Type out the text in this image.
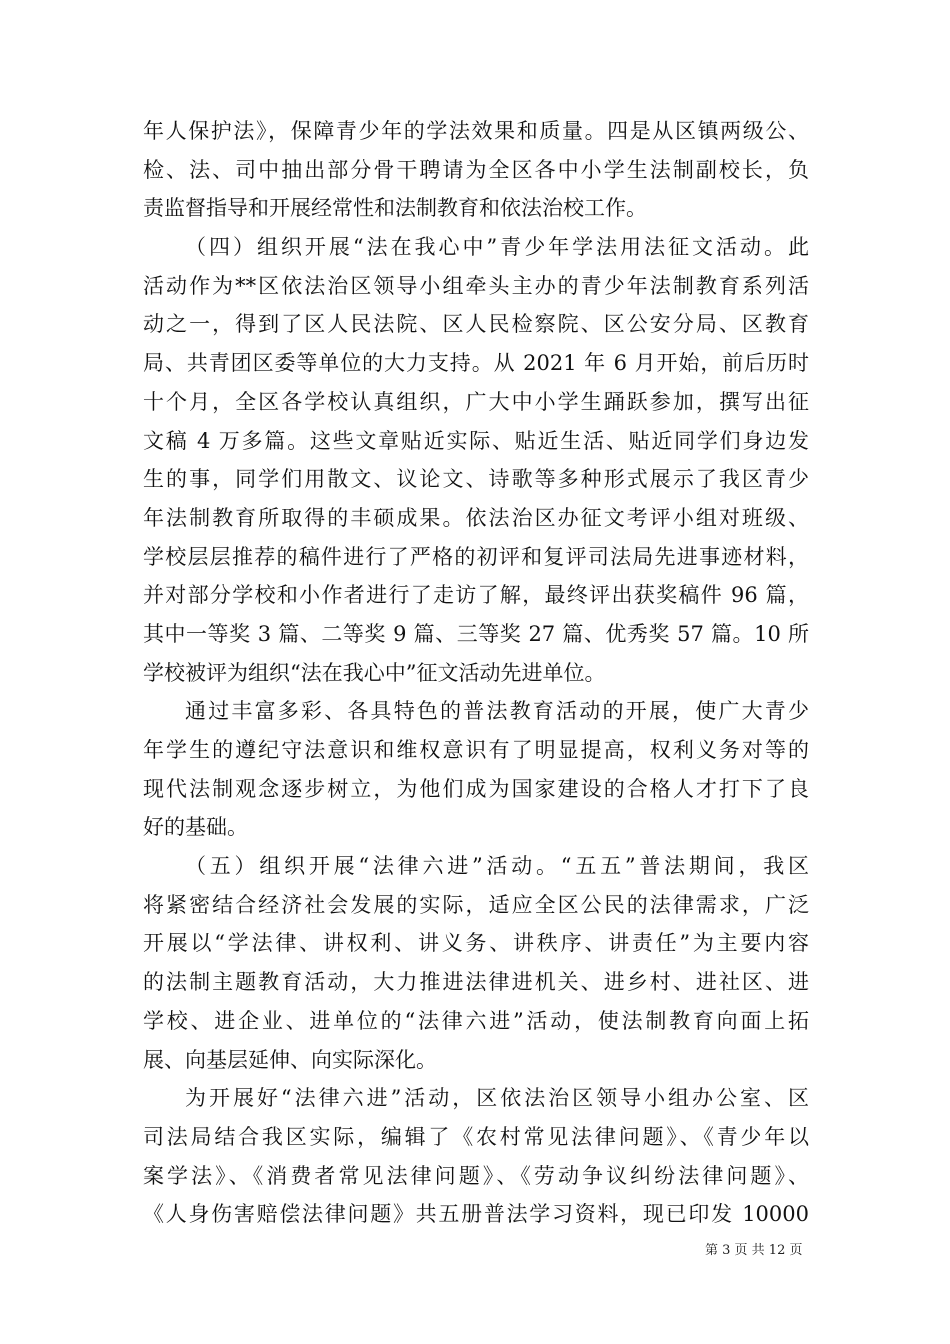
年人保护法》，保障青少年的学法效果和质量。四是从区镇两级公、
检、法、司中抽出部分骨干聘请为全区各中小学生法制副校长，负
责监督指导和开展经常性和法制教育和依法治校工作。
（四）组织开展“法在我心中”青少年学法用法征文活动。此
活动作为**区依法治区领导小组牵头主办的青少年法制教育系列活
动之一，得到了区人民法院、区人民检察院、区公安分局、区教育
局、共青团区委等单位的大力支持。从 2021 年 6 月开始，前后历时
十个月，全区各学校认真组织，广大中小学生踊跃参加，撰写出征
文稿 4 万多篇。这些文章贴近实际、贴近生活、贴近同学们身边发
生的事，同学们用散文、议论文、诗歌等多种形式展示了我区青少
年法制教育所取得的丰硕成果。依法治区办征文考评小组对班级、
学校层层推荐的稿件进行了严格的初评和复评司法局先进事迹材料，
并对部分学校和小作者进行了走访了解，最终评出获奖稿件 96 篇，
其中一等奖 3 篇、二等奖 9 篇、三等奖 27 篇、优秀奖 57 篇。10 所
学校被评为组织“法在我心中”征文活动先进单位。
通过丰富多彩、各具特色的普法教育活动的开展，使广大青少
年学生的遵纪守法意识和维权意识有了明显提高，权利义务对等的
现代法制观念逐步树立，为他们成为国家建设的合格人才打下了良
好的基础。
（五）组织开展“法律六进”活动。“五五”普法期间，我区
将紧密结合经济社会发展的实际，适应全区公民的法律需求，广泛
开展以“学法律、讲权利、讲义务、讲秩序、讲责任”为主要内容
的法制主题教育活动，大力推进法律进机关、进乡村、进社区、进
学校、进企业、进单位的“法律六进”活动，使法制教育向面上拓
展、向基层延伸、向实际深化。
为开展好“法律六进”活动，区依法治区领导小组办公室、区
司法局结合我区实际，编辑了《农村常见法律问题》、《青少年以
案学法》、《消费者常见法律问题》、《劳动争议纠纷法律问题》、
《人身伤害赔偿法律问题》共五册普法学习资料，现已印发 10000
第 3 页 共 12 页
